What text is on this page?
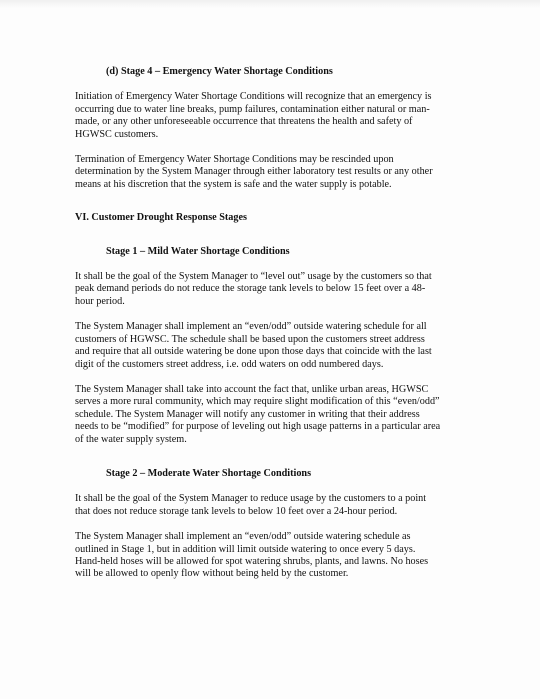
(d) Stage 4 – Emergency Water Shortage Conditions

Initiation of Emergency Water Shortage Conditions will recognize that an emergency is
occurring due to water line breaks, pump failures, contamination either natural or man-
made, or any other unforeseeable occurrence that threatens the health and safety of
HGWSC customers.

Termination of Emergency Water Shortage Conditions may be rescinded upon
determination by the System Manager through either laboratory test results or any other
means at his discretion that the system is safe and the water supply is potable.

VI. Customer Drought Response Stages
Stage 1 – Mild Water Shortage Conditions

It shall be the goal of the System Manager to “level out” usage by the customers so that
peak demand periods do not reduce the storage tank levels to below 15 feet over a 48-
hour period.

The System Manager shall implement an “even/odd” outside watering schedule for all
customers of HGWSC. The schedule shall be based upon the customers street address
and require that all outside watering be done upon those days that coincide with the last
digit of the customers street address, i.e. odd waters on odd numbered days.

The System Manager shall take into account the fact that, unlike urban areas, HGWSC
serves a more rural community, which may require slight modification of this “even/odd”
schedule. The System Manager will notify any customer in writing that their address
needs to be “modified” for purpose of leveling out high usage patterns in a particular area
of the water supply system.

Stage 2 – Moderate Water Shortage Conditions

It shall be the goal of the System Manager to reduce usage by the customers to a point
that does not reduce storage tank levels to below 10 feet over a 24-hour period.

The System Manager shall implement an “even/odd” outside watering schedule as
outlined in Stage 1, but in addition will limit outside watering to once every 5 days.
Hand-held hoses will be allowed for spot watering shrubs, plants, and lawns. No hoses
will be allowed to openly flow without being held by the customer.
